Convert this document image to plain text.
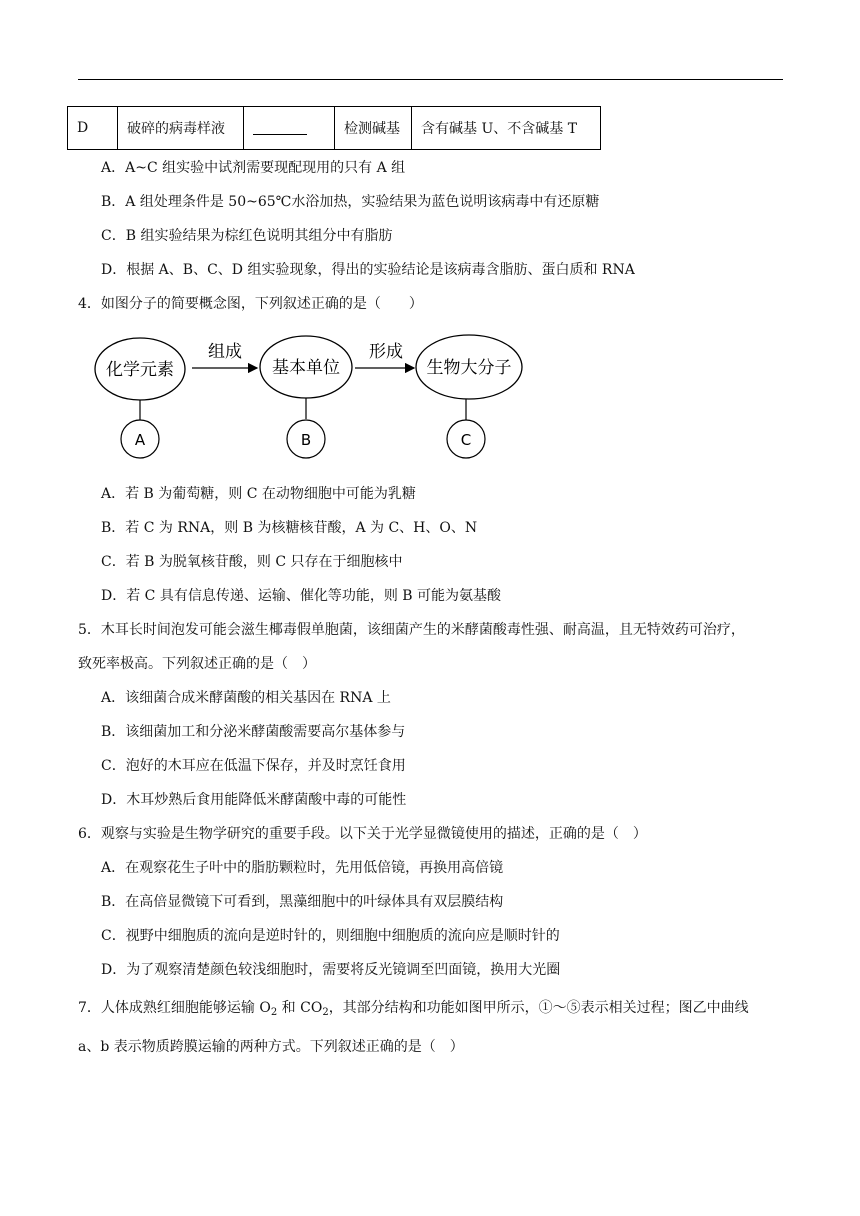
D	破碎的病毒样液		检测碱基	含有碱基 U、不含碱基 T
A．A~C 组实验中试剂需要现配现用的只有 A 组
B．A 组处理条件是 50~65℃水浴加热，实验结果为蓝色说明该病毒中有还原糖
C．B 组实验结果为棕红色说明其组分中有脂肪
D．根据 A、B、C、D 组实验现象，得出的实验结论是该病毒含脂肪、蛋白质和 RNA
4．如图分子的简要概念图，下列叙述正确的是（　　）
化学元素	基本单位	生物大分子
组成	形成
A	B	C
A．若 B 为葡萄糖，则 C 在动物细胞中可能为乳糖
B．若 C 为 RNA，则 B 为核糖核苷酸，A 为 C、H、O、N
C．若 B 为脱氧核苷酸，则 C 只存在于细胞核中
D．若 C 具有信息传递、运输、催化等功能，则 B 可能为氨基酸
5．木耳长时间泡发可能会滋生椰毒假单胞菌，该细菌产生的米酵菌酸毒性强、耐高温，且无特效药可治疗，
致死率极高。下列叙述正确的是（　）
A．该细菌合成米酵菌酸的相关基因在 RNA 上
B．该细菌加工和分泌米酵菌酸需要高尔基体参与
C．泡好的木耳应在低温下保存，并及时烹饪食用
D．木耳炒熟后食用能降低米酵菌酸中毒的可能性
6．观察与实验是生物学研究的重要手段。以下关于光学显微镜使用的描述，正确的是（　）
A．在观察花生子叶中的脂肪颗粒时，先用低倍镜，再换用高倍镜
B．在高倍显微镜下可看到，黑藻细胞中的叶绿体具有双层膜结构
C．视野中细胞质的流向是逆时针的，则细胞中细胞质的流向应是顺时针的
D．为了观察清楚颜色较浅细胞时，需要将反光镜调至凹面镜，换用大光圈
7．人体成熟红细胞能够运输 $O_2$ 和 $CO_2$，其部分结构和功能如图甲所示，①～⑤表示相关过程；图乙中曲线
a、b 表示物质跨膜运输的两种方式。下列叙述正确的是（　）
